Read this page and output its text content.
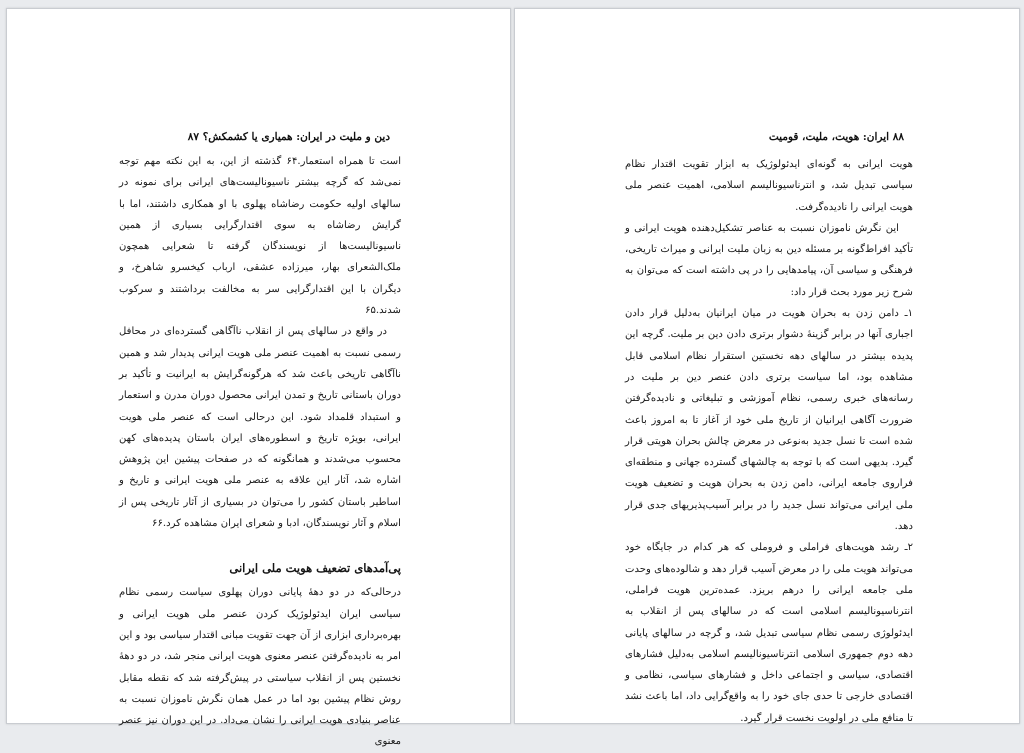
دین و ملیت در ایران: همیاری یا کشمکش؟ ۸۷

است تا همراه استعمار.۶۴ گذشته از این، به این نکته مهم توجه نمی‌شد که گرچه بیشتر ناسیونالیست‌های ایرانی برای نمونه در سالهای اولیه حکومت رضاشاه پهلوی با او همکاری داشتند، اما با گرایش رضاشاه به سوی اقتدارگرایی بسیاری از همین ناسیونالیست‌ها از نویسندگان گرفته تا شعرایی همچون ملک‌الشعرای بهار، میرزاده عشقی، ارباب کیخسرو شاهرخ، و دیگران با این اقتدارگرایی سر به مخالفت برداشتند و سرکوب شدند.۶۵

در واقع در سالهای پس از انقلاب ناآگاهی گسترده‌ای در محافل رسمی نسبت به اهمیت عنصر ملی هویت ایرانی پدیدار شد و همین ناآگاهی تاریخی باعث شد که هرگونه‌گرایش به ایرانیت و تأکید بر دوران باستانی تاریخ و تمدن ایرانی محصول دوران مدرن و استعمار و استبداد قلمداد شود. این درحالی است که عنصر ملی هویت ایرانی، بویژه تاریخ و اسطوره‌های ایران باستان پدیده‌های کهن محسوب می‌شدند و همانگونه که در صفحات پیشین این پژوهش اشاره شد، آثار این علاقه به عنصر ملی هویت ایرانی و تاریخ و اساطیر باستان کشور را می‌توان در بسیاری از آثار تاریخی پس از اسلام و آثار نویسندگان، ادبا و شعرای ایران مشاهده کرد.۶۶

پی‌آمدهای تضعیف هویت ملی ایرانی

درحالی‌که در دو دههٔ پایانی دوران پهلوی سیاست رسمی نظام سیاسی ایران ایدئولوژیک کردن عنصر ملی هویت ایرانی و بهره‌برداری ابزاری از آن جهت تقویت مبانی اقتدار سیاسی بود و این امر به نادیده‌گرفتن عنصر معنوی هویت ایرانی منجر شد، در دو دههٔ نخستین پس از انقلاب سیاستی در پیش‌گرفته شد که نقطه مقابل روش نظام پیشین بود اما در عمل همان نگرش ناموزان نسبت به عناصر بنیادی هویت ایرانی را نشان می‌داد. در این دوران نیز عنصر معنوی

۸۸ ایران: هویت، ملیت، قومیت

هویت ایرانی به گونه‌ای ایدئولوژیک به ابزار تقویت اقتدار نظام سیاسی تبدیل شد، و انترناسیونالیسم اسلامی، اهمیت عنصر ملی هویت ایرانی را نادیده‌گرفت.

این نگرش ناموزان نسبت به عناصر تشکیل‌دهنده هویت ایرانی و تأکید افراط‌گونه بر مسئله دین به زبان ملیت ایرانی و میراث تاریخی، فرهنگی و سیاسی آن، پیامدهایی را در پی داشته است که می‌توان به شرح زیر مورد بحث قرار داد:

۱ـ دامن زدن به بحران هویت در میان ایرانیان به‌دلیل قرار دادن اجباری آنها در برابر گزینهٔ دشوار برتری دادن دین بر ملیت. گرچه این پدیده بیشتر در سالهای دهه نخستین استقرار نظام اسلامی قابل مشاهده بود، اما سیاست برتری دادن عنصر دین بر ملیت در رسانه‌های خبری رسمی، نظام آموزشی و تبلیغاتی و نادیده‌گرفتن ضرورت آگاهی ایرانیان از تاریخ ملی خود از آغاز تا به امروز باعث شده است تا نسل جدید به‌نوعی در معرض چالش بحران هویتی قرار گیرد. بدیهی است که با توجه به چالشهای گسترده جهانی و منطقه‌ای فراروی جامعه ایرانی، دامن زدن به بحران هویت و تضعیف هویت ملی ایرانی می‌تواند نسل جدید را در برابر آسیب‌پذیریهای جدی قرار دهد.

۲ـ رشد هویت‌های فراملی و فروملی که هر کدام در جایگاه خود می‌تواند هویت ملی را در معرض آسیب قرار دهد و شالوده‌های وحدت ملی جامعه ایرانی را درهم بریزد. عمده‌ترین هویت فراملی، انترناسیونالیسم اسلامی است که در سالهای پس از انقلاب به ایدئولوژی رسمی نظام سیاسی تبدیل شد، و گرچه در سالهای پایانی دهه دوم جمهوری اسلامی انترناسیونالیسم اسلامی به‌دلیل فشارهای اقتصادی، سیاسی و اجتماعی داخل و فشارهای سیاسی، نظامی و اقتصادی خارجی تا حدی جای خود را به واقع‌گرایی داد، اما باعث نشد تا منافع ملی در اولویت نخست قرار گیرد.
